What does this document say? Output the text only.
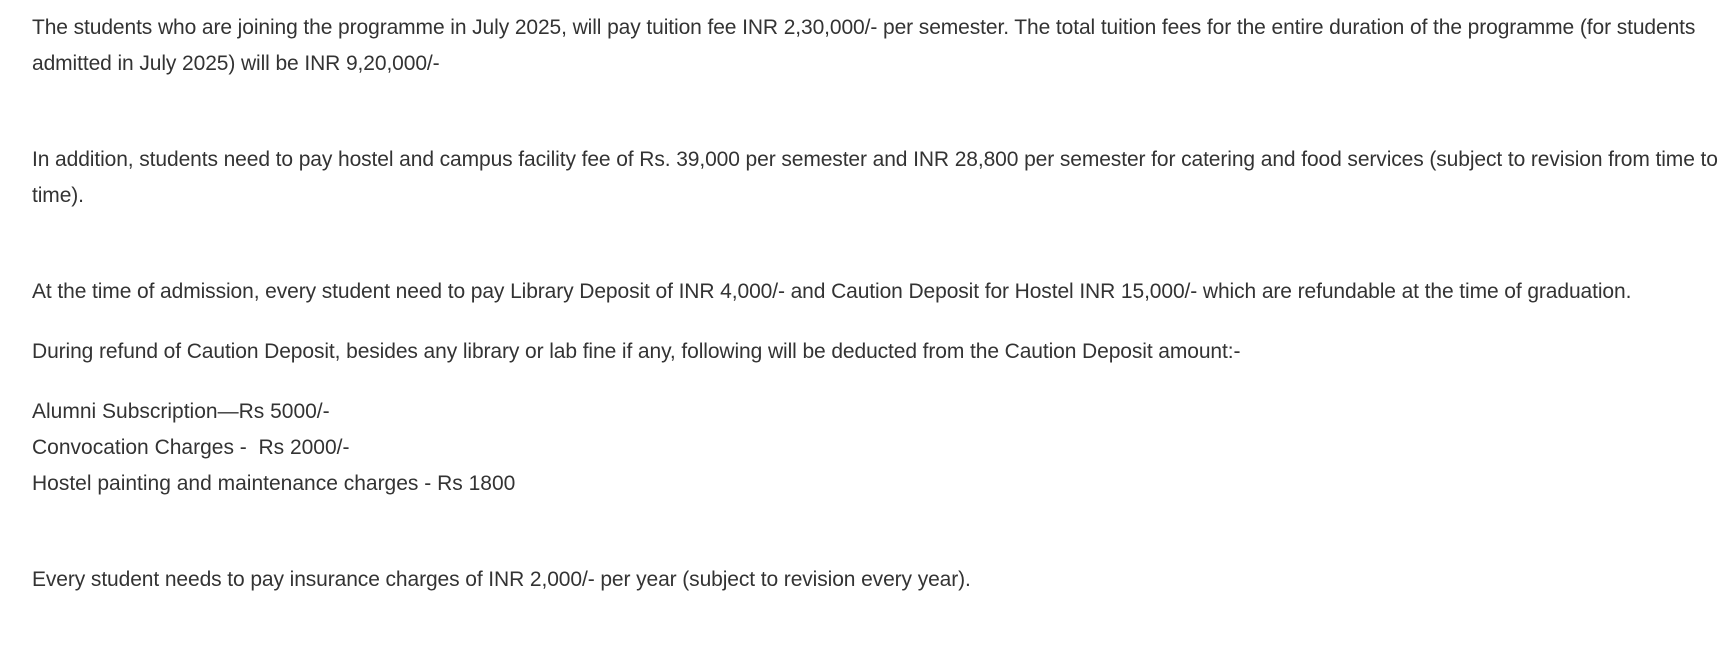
The students who are joining the programme in July 2025, will pay tuition fee INR 2,30,000/- per semester. The total tuition fees for the entire duration of the programme (for students admitted in July 2025) will be INR 9,20,000/-

In addition, students need to pay hostel and campus facility fee of Rs. 39,000 per semester and INR 28,800 per semester for catering and food services (subject to revision from time to time).

At the time of admission, every student need to pay Library Deposit of INR 4,000/- and Caution Deposit for Hostel INR 15,000/- which are refundable at the time of graduation.

During refund of Caution Deposit, besides any library or lab fine if any, following will be deducted from the Caution Deposit amount:-

Alumni Subscription—Rs 5000/-
Convocation Charges -  Rs 2000/-
Hostel painting and maintenance charges - Rs 1800

Every student needs to pay insurance charges of INR 2,000/- per year (subject to revision every year).
